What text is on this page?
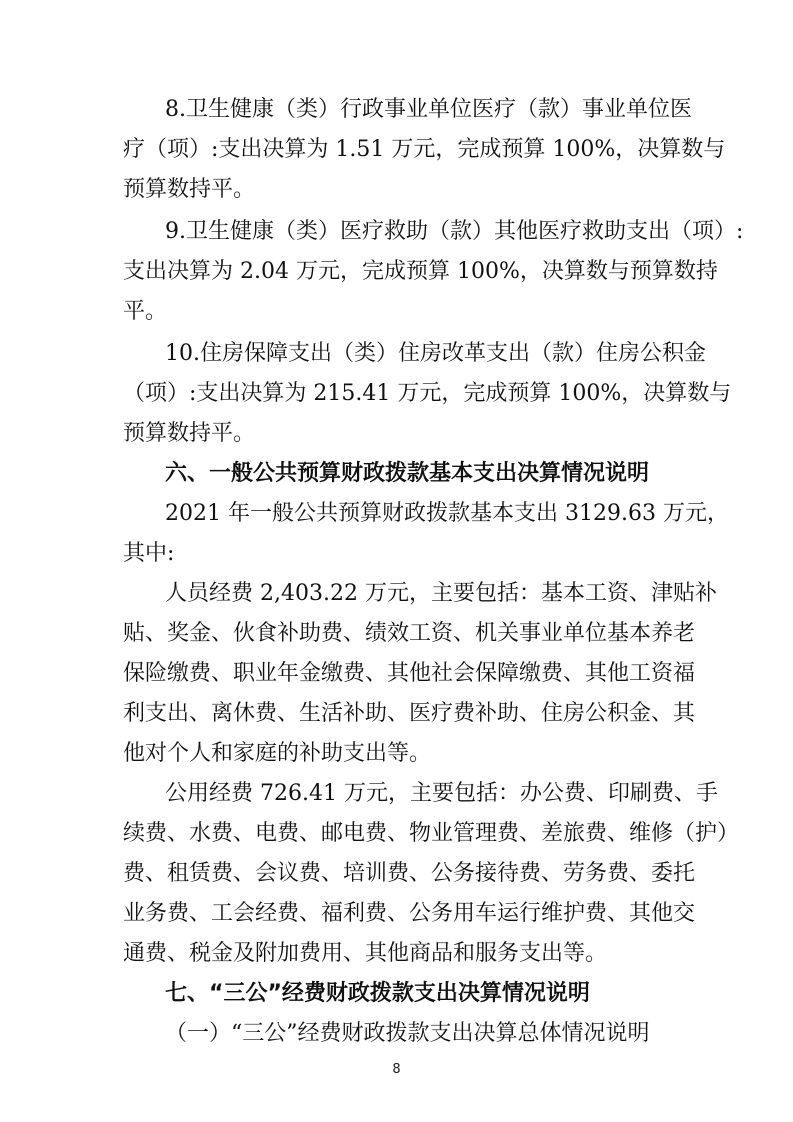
8.卫生健康（类）行政事业单位医疗（款）事业单位医
疗（项）:支出决算为 1.51 万元，完成预算 100%，决算数与
预算数持平。
9.卫生健康（类）医疗救助（款）其他医疗救助支出（项）:
支出决算为 2.04 万元，完成预算 100%，决算数与预算数持
平。
10.住房保障支出（类）住房改革支出（款）住房公积金
（项）:支出决算为 215.41 万元，完成预算 100%，决算数与
预算数持平。
六、一般公共预算财政拨款基本支出决算情况说明
2021 年一般公共预算财政拨款基本支出 3129.63 万元，
其中:
人员经费 2,403.22 万元，主要包括：基本工资、津贴补
贴、奖金、伙食补助费、绩效工资、机关事业单位基本养老
保险缴费、职业年金缴费、其他社会保障缴费、其他工资福
利支出、离休费、生活补助、医疗费补助、住房公积金、其
他对个人和家庭的补助支出等。
公用经费 726.41 万元，主要包括：办公费、印刷费、手
续费、水费、电费、邮电费、物业管理费、差旅费、维修（护）
费、租赁费、会议费、培训费、公务接待费、劳务费、委托
业务费、工会经费、福利费、公务用车运行维护费、其他交
通费、税金及附加费用、其他商品和服务支出等。
七、“三公”经费财政拨款支出决算情况说明
（一）“三公”经费财政拨款支出决算总体情况说明
8
